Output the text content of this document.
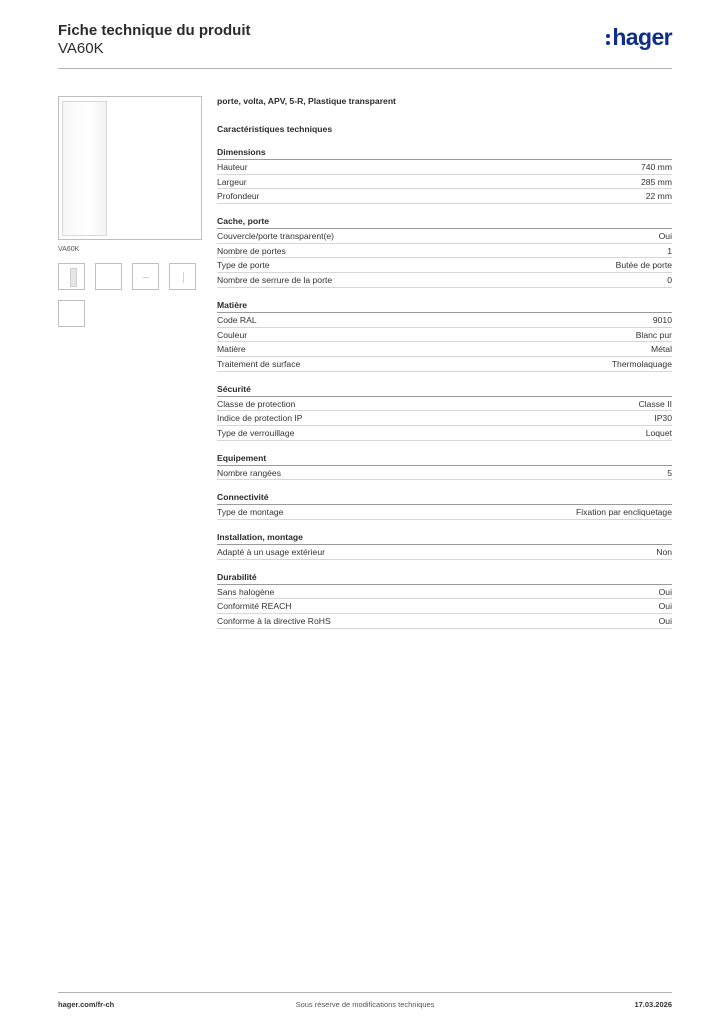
Fiche technique du produit
VA60K	hager
VA60K
porte, volta, APV, 5-R, Plastique transparent
Caractéristiques techniques
Dimensions
Hauteur	740 mm
Largeur	285 mm
Profondeur	22 mm
Cache, porte
Couvercle/porte transparent(e)	Oui
Nombre de portes	1
Type de porte	Butée de porte
Nombre de serrure de la porte	0
Matière
Code RAL	9010
Couleur	Blanc pur
Matière	Métal
Traitement de surface	Thermolaquage
Sécurité
Classe de protection	Classe II
Indice de protection IP	IP30
Type de verrouillage	Loquet
Equipement
Nombre rangées	5
Connectivité
Type de montage	Fixation par encliquetage
Installation, montage
Adapté à un usage extérieur	Non
Durabilité
Sans halogène	Oui
Conformité REACH	Oui
Conforme à la directive RoHS	Oui
hager.com/fr-ch	Sous réserve de modifications techniques	17.03.2026
